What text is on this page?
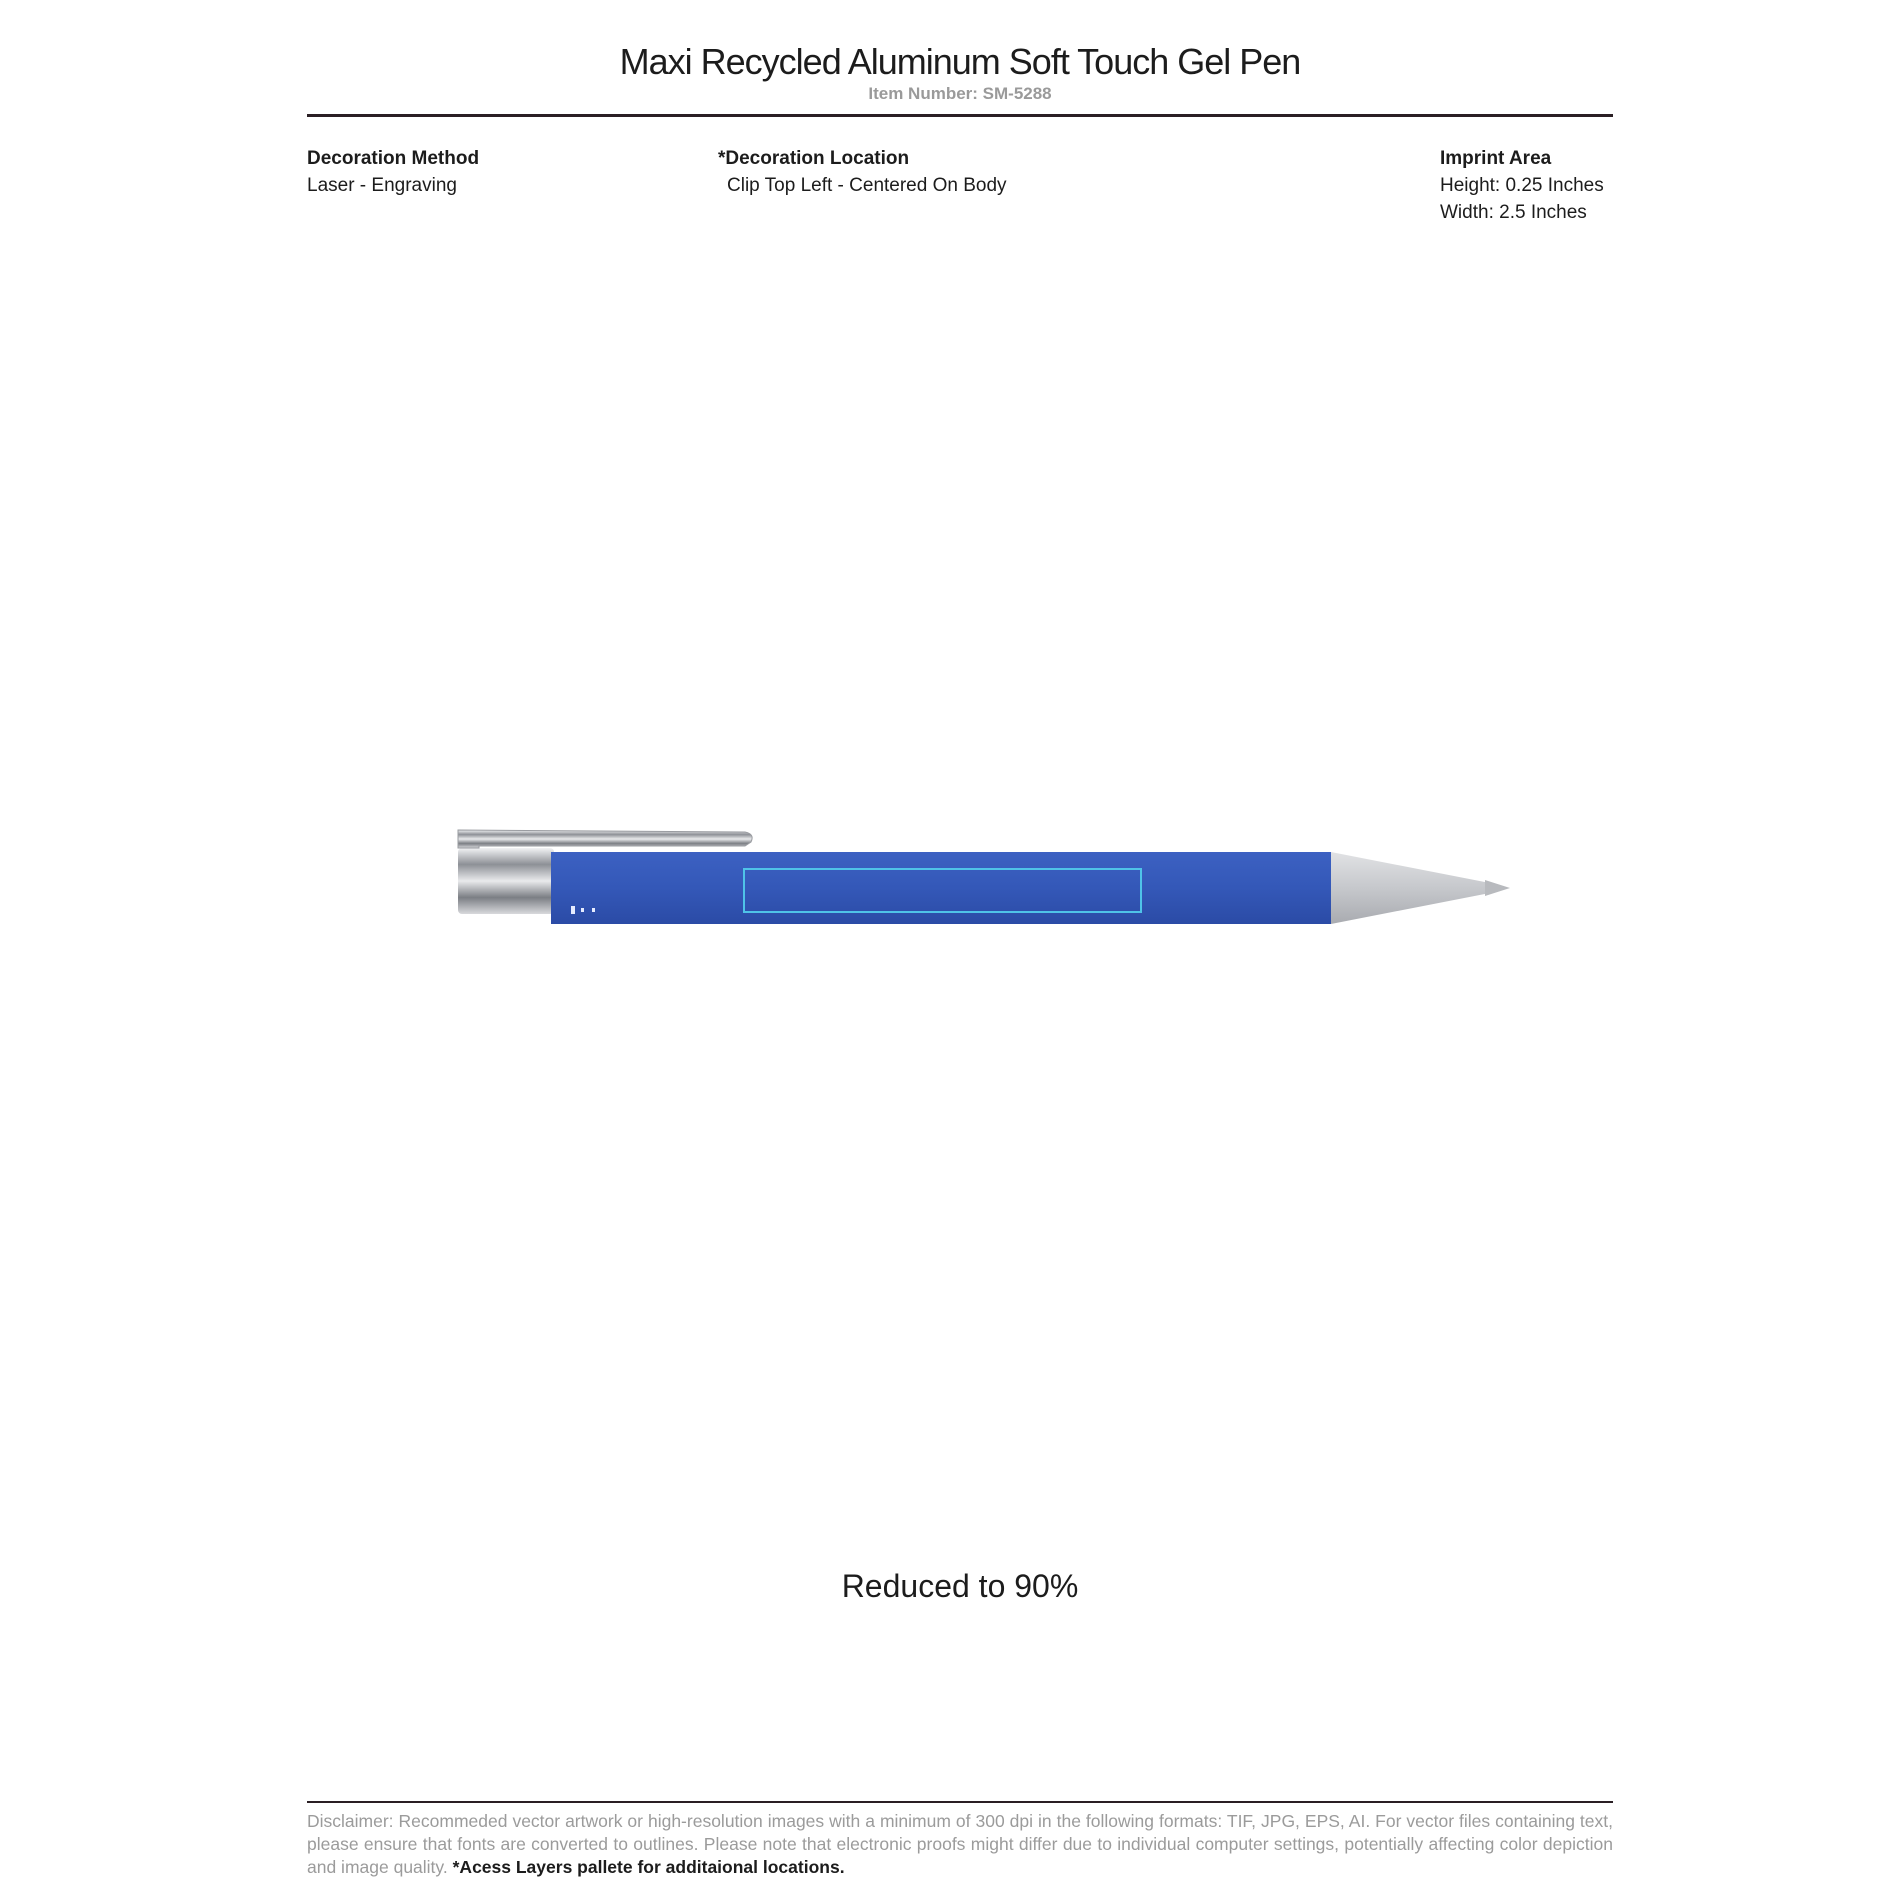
Maxi Recycled Aluminum Soft Touch Gel Pen
Item Number: SM-5288
Decoration Method
Laser - Engraving
*Decoration Location
Clip Top Left - Centered On Body
Imprint Area
Height: 0.25 Inches
Width: 2.5 Inches
Reduced to 90%
Disclaimer: Recommeded vector artwork or high-resolution images with a minimum of 300 dpi in the following formats: TIF, JPG, EPS, AI. For vector files containing text, please ensure that fonts are converted to outlines. Please note that electronic proofs might differ due to individual computer settings, potentially affecting color depiction and image quality. *Acess Layers pallete for additaional locations.
